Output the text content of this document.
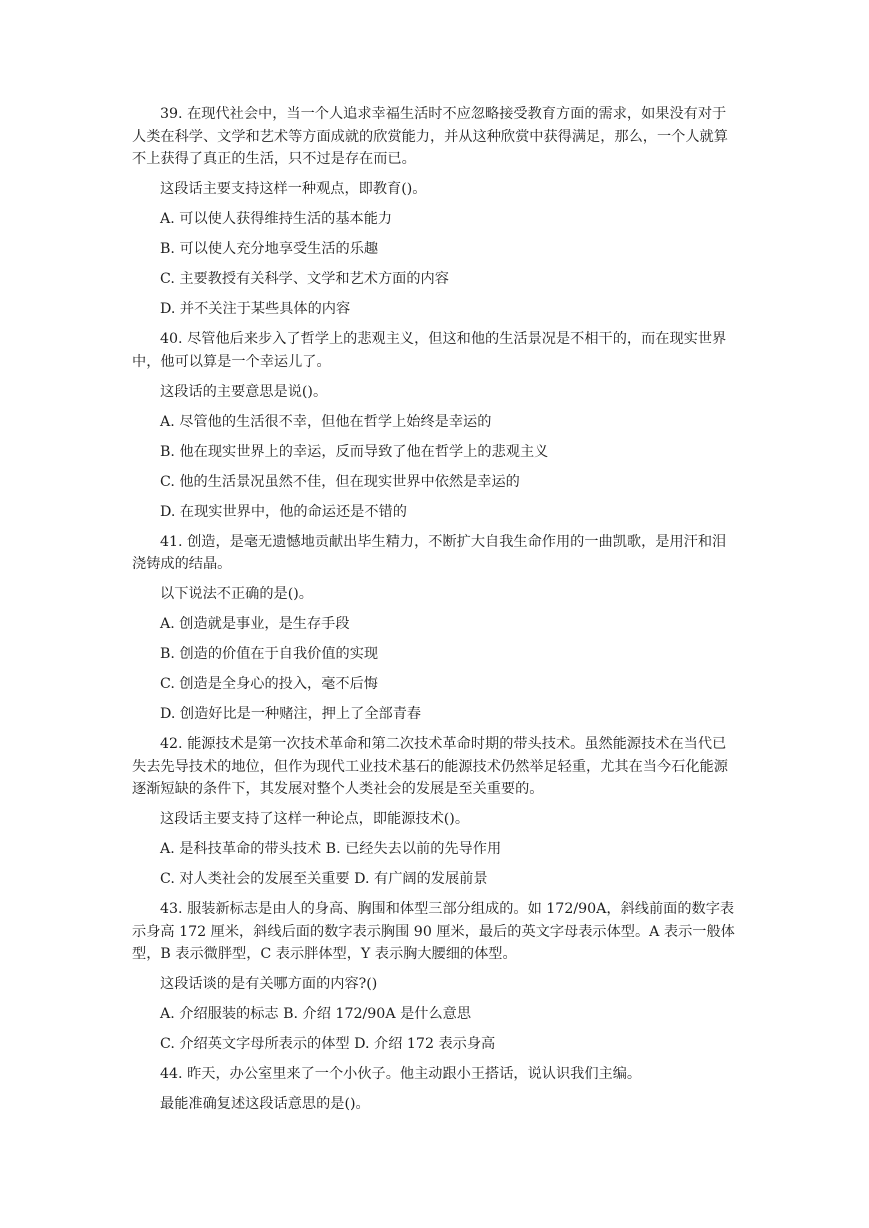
39. 在现代社会中，当一个人追求幸福生活时不应忽略接受教育方面的需求，如果没有对于人类在科学、文学和艺术等方面成就的欣赏能力，并从这种欣赏中获得满足，那么，一个人就算不上获得了真正的生活，只不过是存在而已。

这段话主要支持这样一种观点，即教育()。

A. 可以使人获得维持生活的基本能力

B. 可以使人充分地享受生活的乐趣

C. 主要教授有关科学、文学和艺术方面的内容

D. 并不关注于某些具体的内容

40. 尽管他后来步入了哲学上的悲观主义，但这和他的生活景况是不相干的，而在现实世界中，他可以算是一个幸运儿了。

这段话的主要意思是说()。

A. 尽管他的生活很不幸，但他在哲学上始终是幸运的

B. 他在现实世界上的幸运，反而导致了他在哲学上的悲观主义

C. 他的生活景况虽然不佳，但在现实世界中依然是幸运的

D. 在现实世界中，他的命运还是不错的

41. 创造，是毫无遗憾地贡献出毕生精力，不断扩大自我生命作用的一曲凯歌，是用汗和泪浇铸成的结晶。

以下说法不正确的是()。

A. 创造就是事业，是生存手段

B. 创造的价值在于自我价值的实现

C. 创造是全身心的投入，毫不后悔

D. 创造好比是一种赌注，押上了全部青春

42. 能源技术是第一次技术革命和第二次技术革命时期的带头技术。虽然能源技术在当代已失去先导技术的地位，但作为现代工业技术基石的能源技术仍然举足轻重，尤其在当今石化能源逐渐短缺的条件下，其发展对整个人类社会的发展是至关重要的。

这段话主要支持了这样一种论点，即能源技术()。

A. 是科技革命的带头技术 B. 已经失去以前的先导作用

C. 对人类社会的发展至关重要 D. 有广阔的发展前景

43. 服装新标志是由人的身高、胸围和体型三部分组成的。如 172/90A，斜线前面的数字表示身高 172 厘米，斜线后面的数字表示胸围 90 厘米，最后的英文字母表示体型。A 表示一般体型，B 表示微胖型，C 表示胖体型，Y 表示胸大腰细的体型。

这段话谈的是有关哪方面的内容?()

A. 介绍服装的标志 B. 介绍 172/90A 是什么意思

C. 介绍英文字母所表示的体型 D. 介绍 172 表示身高

44. 昨天，办公室里来了一个小伙子。他主动跟小王搭话，说认识我们主编。

最能准确复述这段话意思的是()。
